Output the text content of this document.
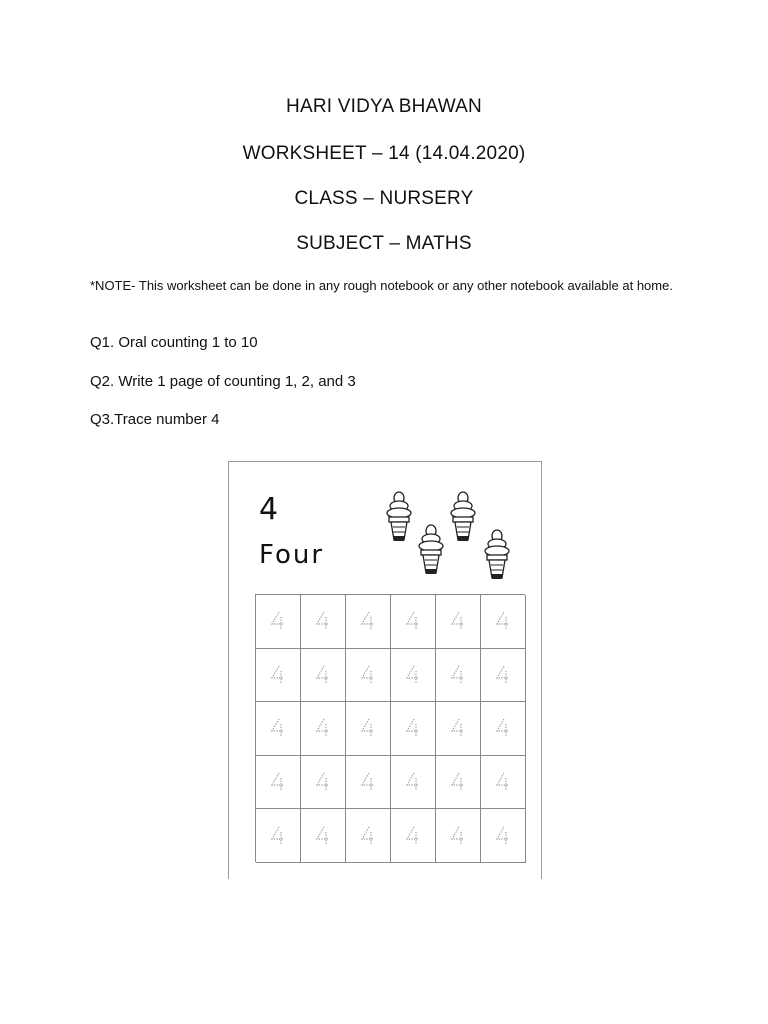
HARI VIDYA BHAWAN
WORKSHEET – 14 (14.04.2020)
CLASS – NURSERY
SUBJECT – MATHS
*NOTE- This worksheet can be done in any rough notebook or any other notebook available at home.
Q1. Oral counting 1 to 10
Q2. Write 1 page of counting 1, 2, and 3
Q3.Trace number 4
4
Four
